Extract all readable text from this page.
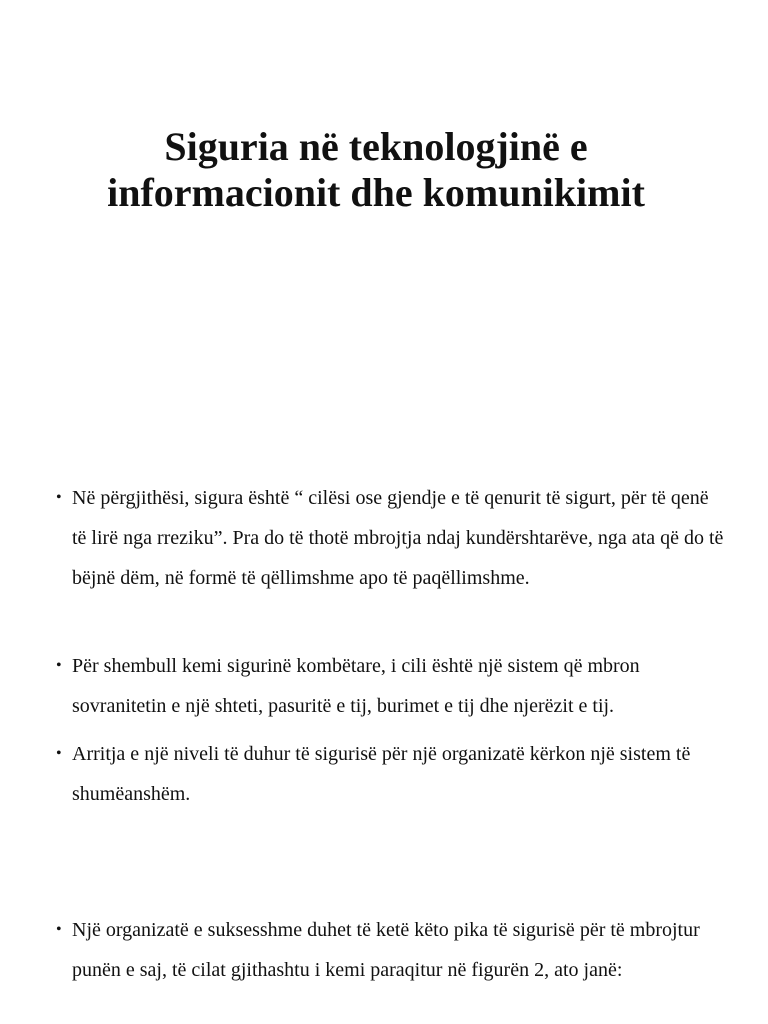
Siguria në teknologjinë e
informacionit dhe komunikimit
• Në përgjithësi, sigura është “ cilësi ose gjendje e të qenurit të sigurt, për të qenë të lirë nga rreziku”. Pra do të thotë mbrojtja ndaj kundërshtarëve, nga ata që do të bëjnë dëm, në formë të qëllimshme apo të paqëllimshme.
• Për shembull kemi sigurinë kombëtare, i cili është një sistem që mbron sovranitetin e një shteti, pasuritë e tij, burimet e tij dhe njerëzit e tij.
• Arritja e një niveli të duhur të sigurisë për një organizatë kërkon një sistem të shumëanshëm.
• Një organizatë e suksesshme duhet të ketë këto pika të sigurisë për të mbrojtur punën e saj, të cilat gjithashtu i kemi paraqitur në figurën 2, ato janë:
